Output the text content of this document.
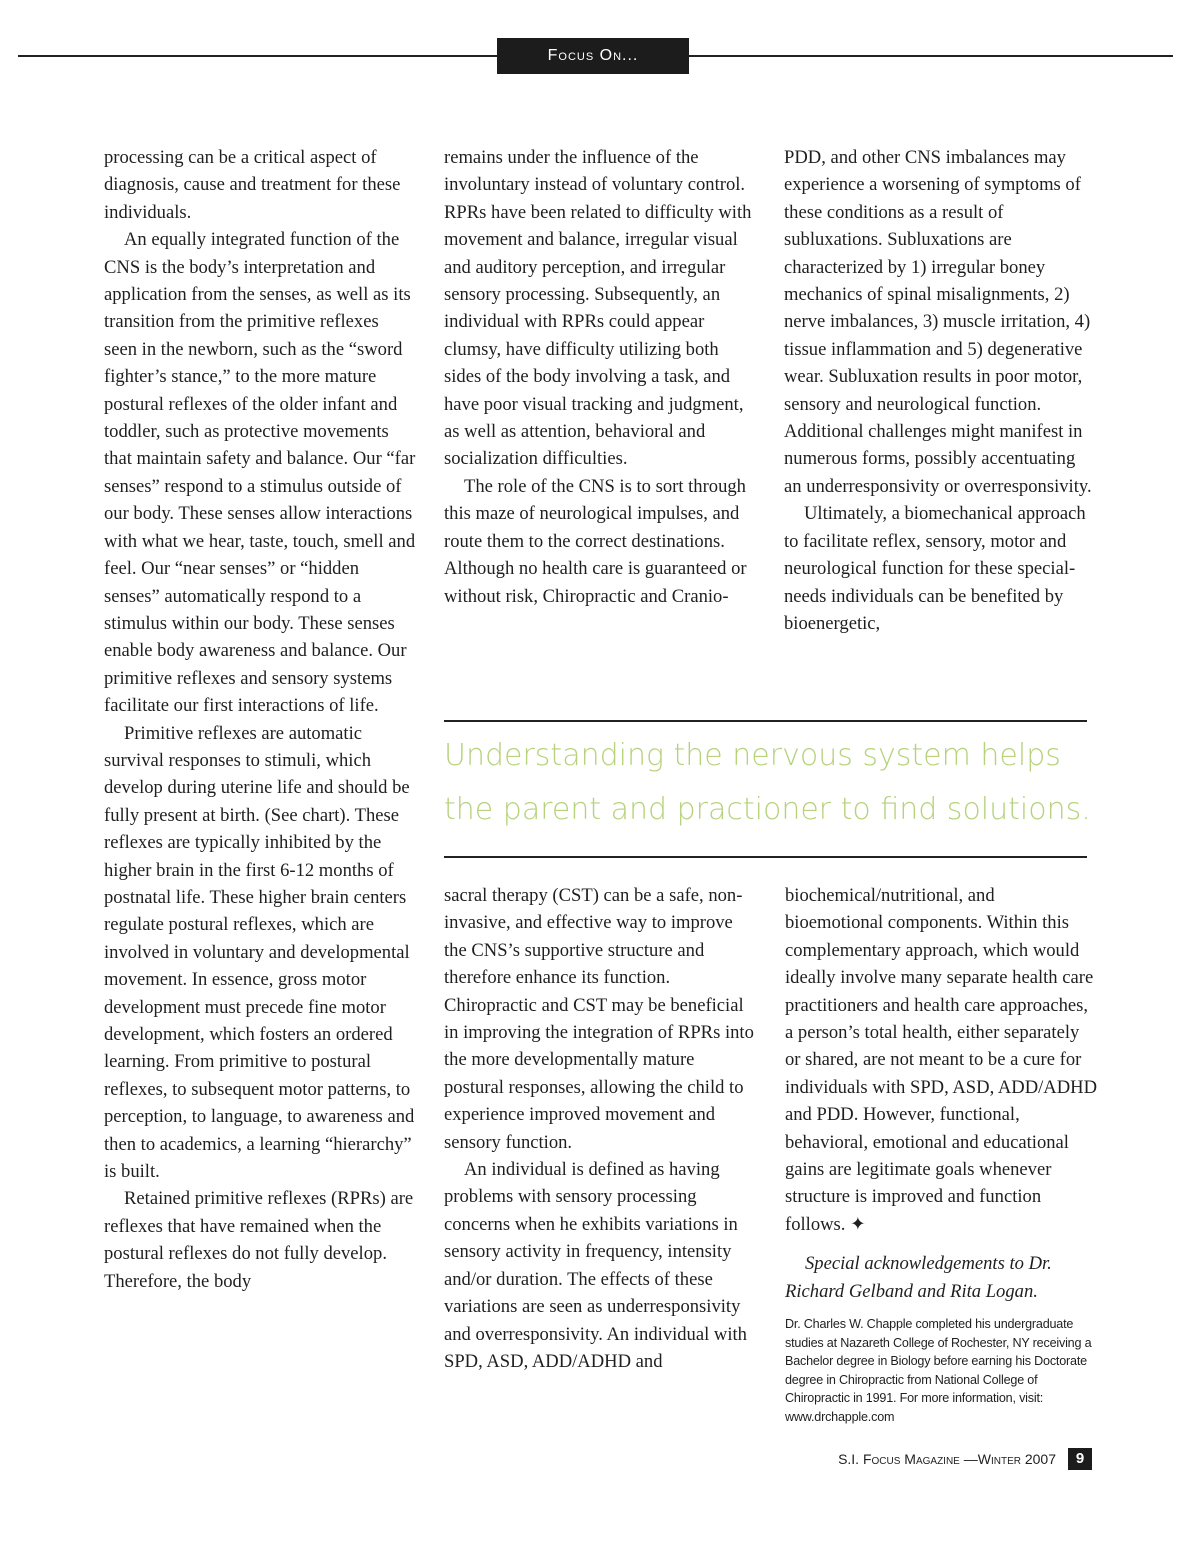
Focus On...

processing can be a critical aspect of diagnosis, cause and treatment for these individuals.

An equally integrated function of the CNS is the body’s interpretation and application from the senses, as well as its transition from the primitive reflexes seen in the newborn, such as the “sword fighter’s stance,” to the more mature postural reflexes of the older infant and toddler, such as protective movements that maintain safety and balance. Our “far senses” respond to a stimulus outside of our body. These senses allow interactions with what we hear, taste, touch, smell and feel. Our “near senses” or “hidden senses” automatically respond to a stimulus within our body. These senses enable body awareness and balance. Our primitive reflexes and sensory systems facilitate our first interactions of life.

Primitive reflexes are automatic survival responses to stimuli, which develop during uterine life and should be fully present at birth. (See chart). These reflexes are typically inhibited by the higher brain in the first 6-12 months of postnatal life. These higher brain centers regulate postural reflexes, which are involved in voluntary and developmental movement. In essence, gross motor development must precede fine motor development, which fosters an ordered learning. From primitive to postural reflexes, to subsequent motor patterns, to perception, to language, to awareness and then to academics, a learning “hierarchy” is built.

Retained primitive reflexes (RPRs) are reflexes that have remained when the postural reflexes do not fully develop. Therefore, the body

remains under the influence of the involuntary instead of voluntary control. RPRs have been related to difficulty with movement and balance, irregular visual and auditory perception, and irregular sensory processing. Subsequently, an individual with RPRs could appear clumsy, have difficulty utilizing both sides of the body involving a task, and have poor visual tracking and judgment, as well as attention, behavioral and socialization difficulties.

The role of the CNS is to sort through this maze of neurological impulses, and route them to the correct destinations. Although no health care is guaranteed or without risk, Chiropractic and Cranio-

PDD, and other CNS imbalances may experience a worsening of symptoms of these conditions as a result of subluxations. Subluxations are characterized by 1) irregular boney mechanics of spinal misalignments, 2) nerve imbalances, 3) muscle irritation, 4) tissue inflammation and 5) degenerative wear. Subluxation results in poor motor, sensory and neurological function. Additional challenges might manifest in numerous forms, possibly accentuating an underresponsivity or overresponsivity.

Ultimately, a biomechanical approach to facilitate reflex, sensory, motor and neurological function for these special-needs individuals can be benefited by bioenergetic,

Understanding the nervous system helps the parent and practioner to find solutions.

sacral therapy (CST) can be a safe, non-invasive, and effective way to improve the CNS’s supportive structure and therefore enhance its function. Chiropractic and CST may be beneficial in improving the integration of RPRs into the more developmentally mature postural responses, allowing the child to experience improved movement and sensory function.

An individual is defined as having problems with sensory processing concerns when he exhibits variations in sensory activity in frequency, intensity and/or duration. The effects of these variations are seen as underresponsivity and overresponsivity. An individual with SPD, ASD, ADD/ADHD and

biochemical/nutritional, and bioemotional components. Within this complementary approach, which would ideally involve many separate health care practitioners and health care approaches, a person’s total health, either separately or shared, are not meant to be a cure for individuals with SPD, ASD, ADD/ADHD and PDD. However, functional, behavioral, emotional and educational gains are legitimate goals whenever structure is improved and function follows. ✦

Special acknowledgements to Dr. Richard Gelband and Rita Logan.

Dr. Charles W. Chapple completed his undergraduate studies at Nazareth College of Rochester, NY receiving a Bachelor degree in Biology before earning his Doctorate degree in Chiropractic from National College of Chiropractic in 1991. For more information, visit: www.drchapple.com

S.I. Focus Magazine —Winter 2007	9
